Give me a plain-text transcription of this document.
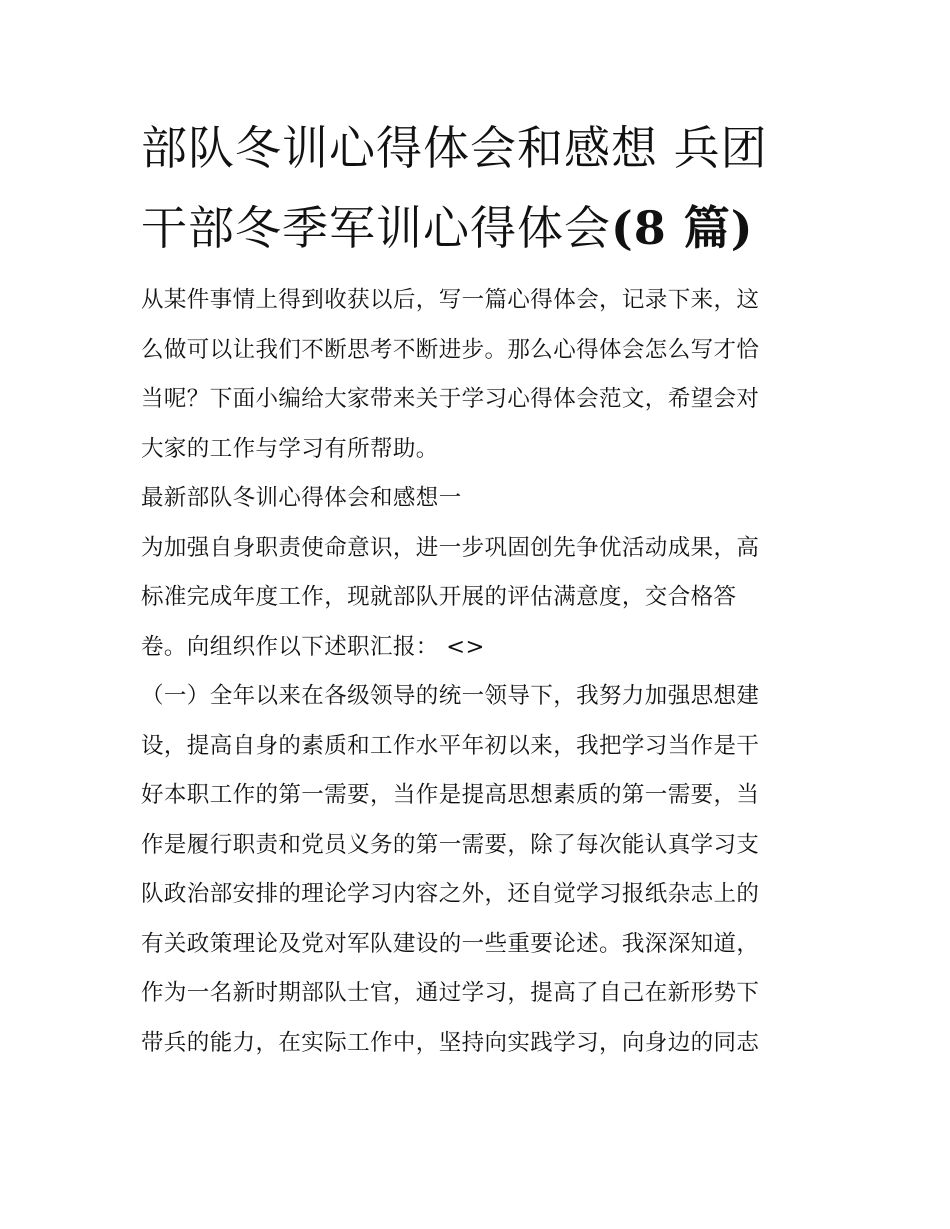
部队冬训心得体会和感想 兵团
干部冬季军训心得体会(8 篇)
从某件事情上得到收获以后，写一篇心得体会，记录下来，这
么做可以让我们不断思考不断进步。那么心得体会怎么写才恰
当呢？下面小编给大家带来关于学习心得体会范文，希望会对
大家的工作与学习有所帮助。
最新部队冬训心得体会和感想一
为加强自身职责使命意识，进一步巩固创先争优活动成果，高
标准完成年度工作，现就部队开展的评估满意度，交合格答
卷。向组织作以下述职汇报： <>
（一）全年以来在各级领导的统一领导下，我努力加强思想建
设，提高自身的素质和工作水平年初以来，我把学习当作是干
好本职工作的第一需要，当作是提高思想素质的第一需要，当
作是履行职责和党员义务的第一需要，除了每次能认真学习支
队政治部安排的理论学习内容之外，还自觉学习报纸杂志上的
有关政策理论及党对军队建设的一些重要论述。我深深知道，
作为一名新时期部队士官，通过学习，提高了自己在新形势下
带兵的能力，在实际工作中，坚持向实践学习，向身边的同志
